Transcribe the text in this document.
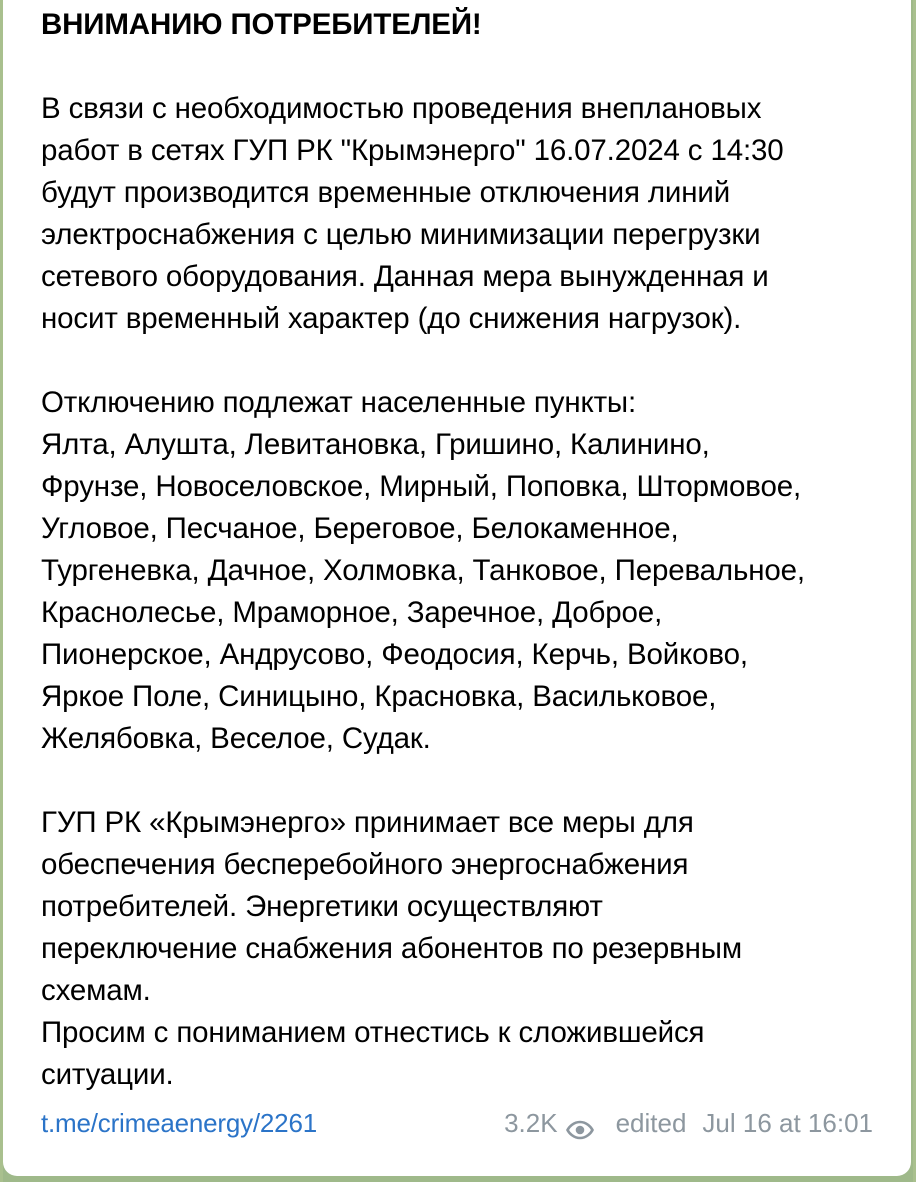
ВНИМАНИЮ ПОТРЕБИТЕЛЕЙ!

В связи с необходимостью проведения внеплановых

работ в сетях ГУП РК "Крымэнерго" 16.07.2024 с 14:30

будут производится временные отключения линий

электроснабжения с целью минимизации перегрузки

сетевого оборудования. Данная мера вынужденная и

носит временный характер (до снижения нагрузок).

Отключению подлежат населенные пункты:

Ялта, Алушта, Левитановка, Гришино, Калинино,

Фрунзе, Новоселовское, Мирный, Поповка, Штормовое,

Угловое, Песчаное, Береговое, Белокаменное,

Тургеневка, Дачное, Холмовка, Танковое, Перевальное,

Краснолесье, Мраморное, Заречное, Доброе,

Пионерское, Андрусово, Феодосия, Керчь, Войково,

Яркое Поле, Синицыно, Красновка, Васильковое,

Желябовка, Веселое, Судак.

ГУП РК «Крымэнерго» принимает все меры для

обеспечения бесперебойного энергоснабжения

потребителей. Энергетики осуществляют

переключение снабжения абонентов по резервным

схемам.

Просим с пониманием отнестись к сложившейся

ситуации.

t.me/crimeaenergy/2261	3.2K edited Jul 16 at 16:01
